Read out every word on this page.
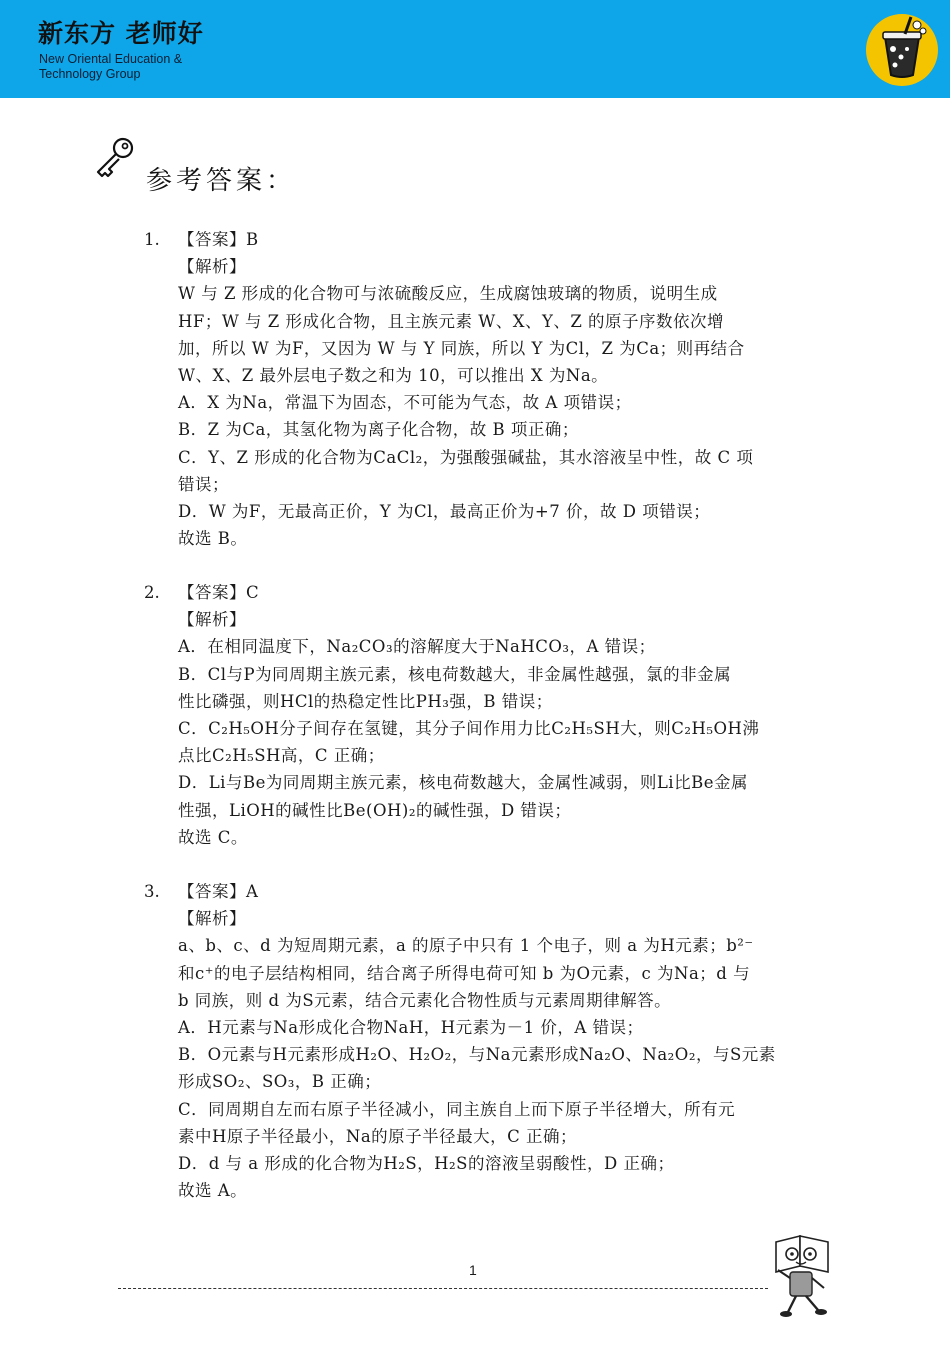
新东方 老师好
New Oriental Education &
Technology Group
参考答案：
1. 【答案】B
【解析】
W 与 Z 形成的化合物可与浓硫酸反应，生成腐蚀玻璃的物质，说明生成
HF；W 与 Z 形成化合物，且主族元素 W、X、Y、Z 的原子序数依次增
加，所以 W 为F，又因为 W 与 Y 同族，所以 Y 为Cl，Z 为Ca；则再结合
W、X、Z 最外层电子数之和为 10，可以推出 X 为Na。
A．X 为Na，常温下为固态，不可能为气态，故 A 项错误；
B．Z 为Ca，其氢化物为离子化合物，故 B 项正确；
C．Y、Z 形成的化合物为CaCl₂，为强酸强碱盐，其水溶液呈中性，故 C 项
错误；
D．W 为F，无最高正价，Y 为Cl，最高正价为+7 价，故 D 项错误；
故选 B。
2. 【答案】C
【解析】
A．在相同温度下，Na₂CO₃的溶解度大于NaHCO₃，A 错误；
B．Cl与P为同周期主族元素，核电荷数越大，非金属性越强，氯的非金属
性比磷强，则HCl的热稳定性比PH₃强，B 错误；
C．C₂H₅OH分子间存在氢键，其分子间作用力比C₂H₅SH大，则C₂H₅OH沸
点比C₂H₅SH高，C 正确；
D．Li与Be为同周期主族元素，核电荷数越大，金属性减弱，则Li比Be金属
性强，LiOH的碱性比Be(OH)₂的碱性强，D 错误；
故选 C。
3. 【答案】A
【解析】
a、b、c、d 为短周期元素，a 的原子中只有 1 个电子，则 a 为H元素；b²⁻
和c⁺的电子层结构相同，结合离子所得电荷可知 b 为O元素，c 为Na；d 与
b 同族，则 d 为S元素，结合元素化合物性质与元素周期律解答。
A．H元素与Na形成化合物NaH，H元素为－1 价，A 错误；
B．O元素与H元素形成H₂O、H₂O₂，与Na元素形成Na₂O、Na₂O₂，与S元素
形成SO₂、SO₃，B 正确；
C．同周期自左而右原子半径减小，同主族自上而下原子半径增大，所有元
素中H原子半径最小，Na的原子半径最大，C 正确；
D．d 与 a 形成的化合物为H₂S，H₂S的溶液呈弱酸性，D 正确；
故选 A。
1
